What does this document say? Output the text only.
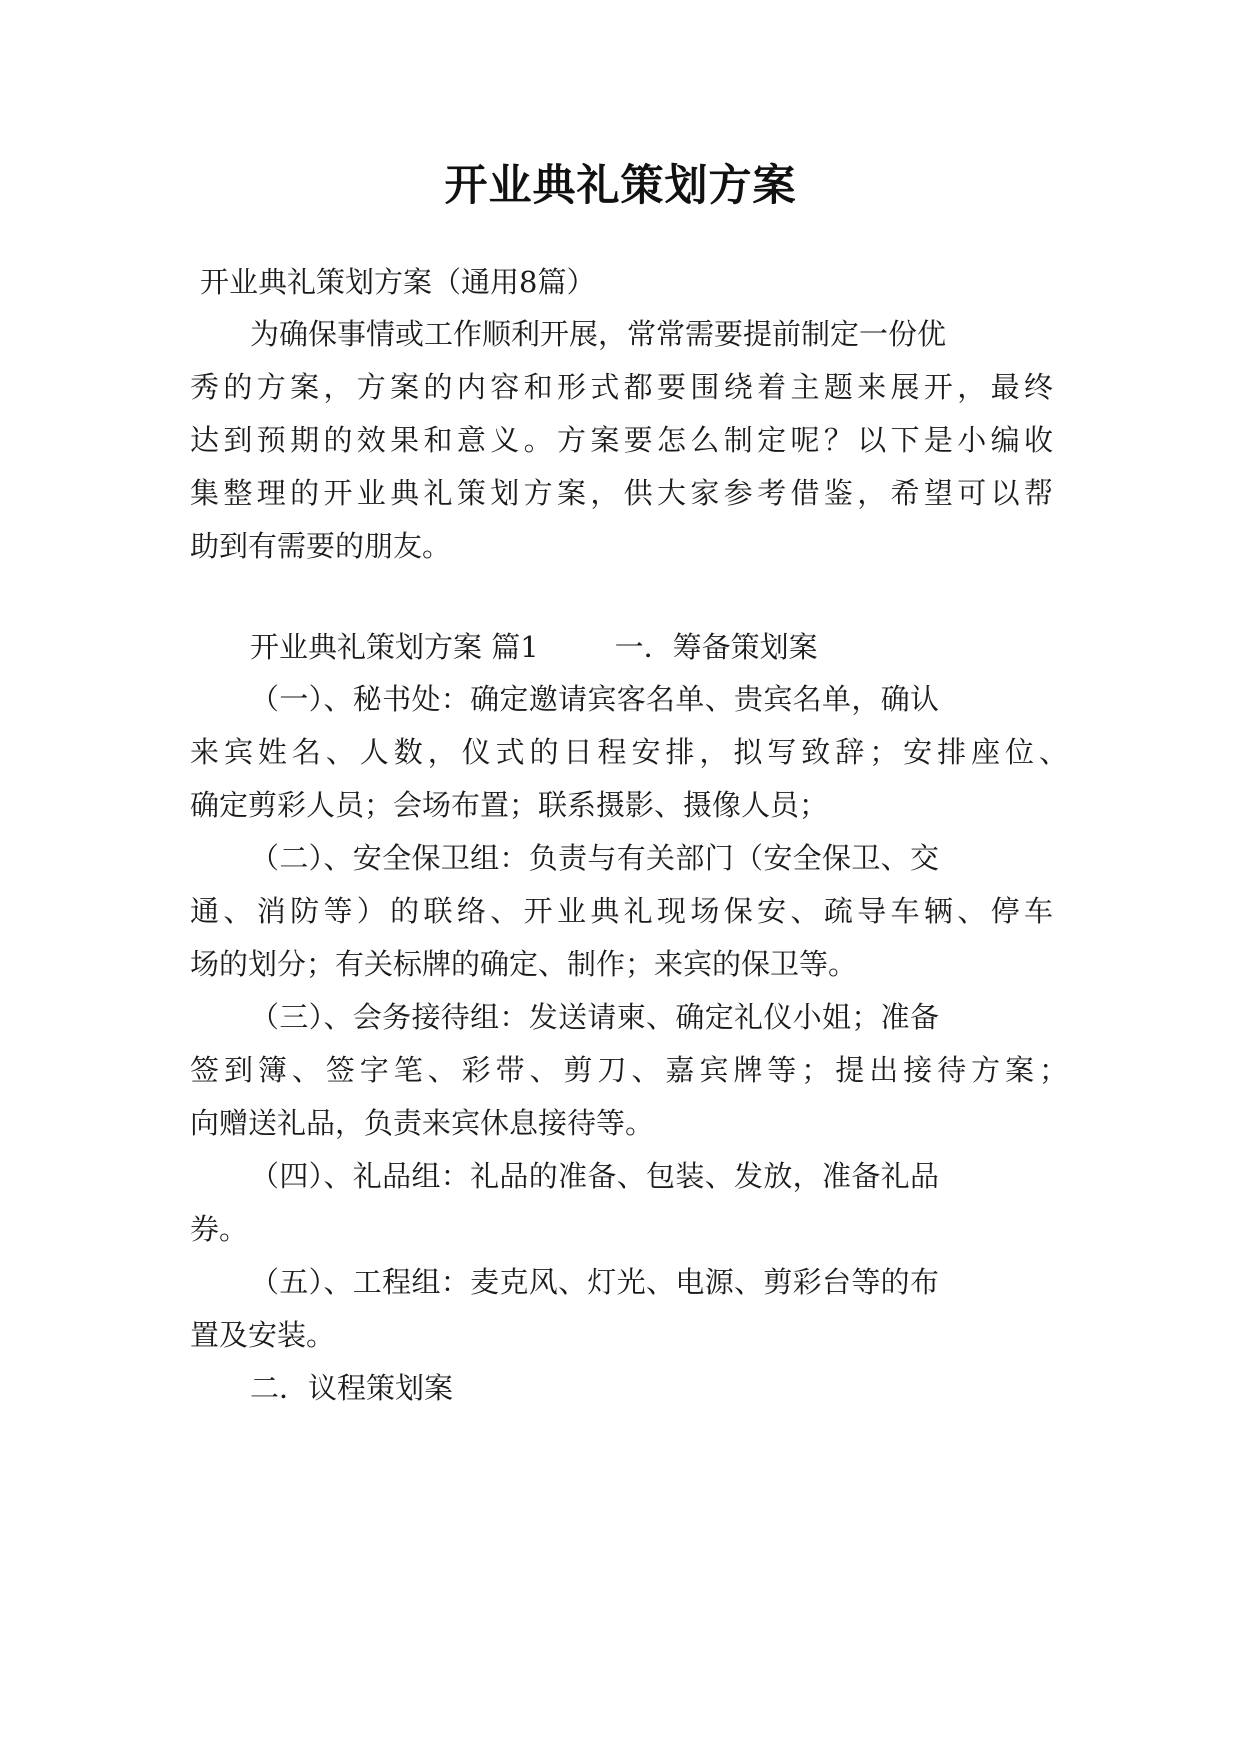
开业典礼策划方案
开业典礼策划方案（通用8篇）
为确保事情或工作顺利开展，常常需要提前制定一份优
秀的方案，方案的内容和形式都要围绕着主题来展开，最终
达到预期的效果和意义。方案要怎么制定呢？以下是小编收
集整理的开业典礼策划方案，供大家参考借鉴，希望可以帮
助到有需要的朋友。
开业典礼策划方案 篇1	一．筹备策划案
（一）、秘书处：确定邀请宾客名单、贵宾名单，确认
来宾姓名、人数，仪式的日程安排，拟写致辞；安排座位、
确定剪彩人员；会场布置；联系摄影、摄像人员；
（二）、安全保卫组：负责与有关部门（安全保卫、交
通、消防等）的联络、开业典礼现场保安、疏导车辆、停车
场的划分；有关标牌的确定、制作；来宾的保卫等。
（三）、会务接待组：发送请柬、确定礼仪小姐；准备
签到簿、签字笔、彩带、剪刀、嘉宾牌等；提出接待方案；
向赠送礼品，负责来宾休息接待等。
（四）、礼品组：礼品的准备、包装、发放，准备礼品
券。
（五）、工程组：麦克风、灯光、电源、剪彩台等的布
置及安装。
二．议程策划案
